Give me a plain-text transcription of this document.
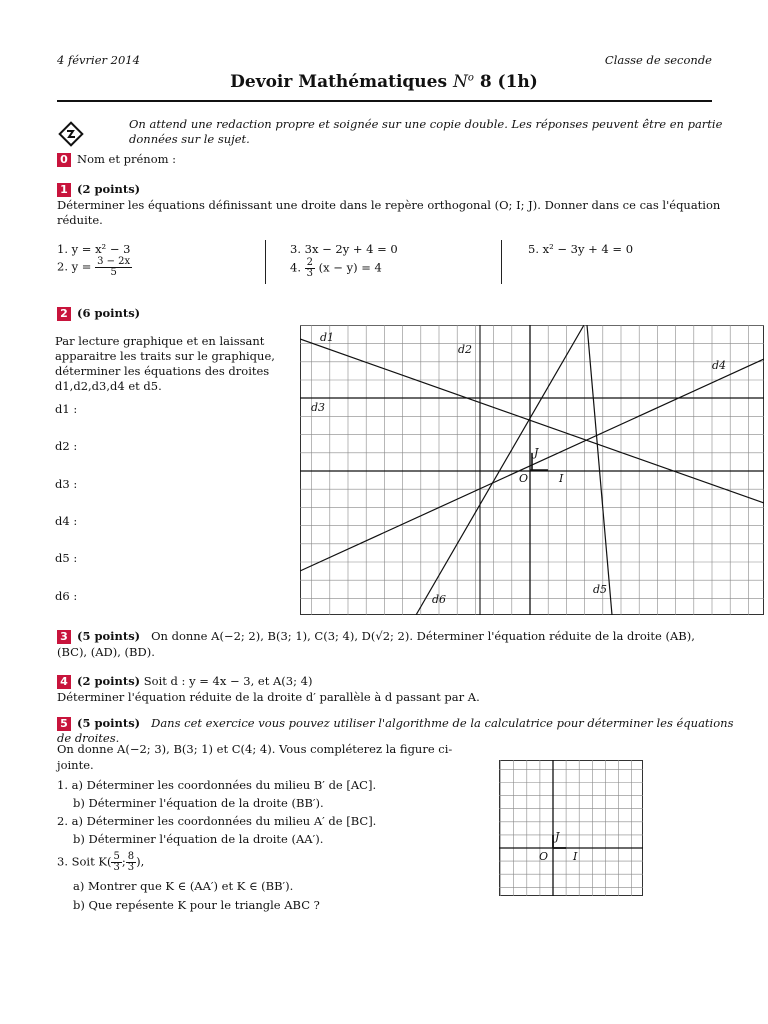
4 février 2014	Classe de seconde
Devoir Mathématiques $N^o$ 8 (1h)
On attend une redaction propre et soignée sur une copie double. Les réponses peuvent être en partie
données sur le sujet.
0 Nom et prénom :
1 (2 points)
Déterminer les équations définissant une droite dans le repère orthogonal (O; I; J). Donner dans ce cas l'équation
réduite.
1. y = x² − 3
2. $y = \frac{3 - 2x}{5}$
3. 3x − 2y + 4 = 0
4. $\frac{2}{3} (x - y) = 4$
5. x² − 3y + 4 = 0
2 (6 points)
Par lecture graphique et en laissant
apparaitre les traits sur le graphique,
déterminer les équations des droites
d1,d2,d3,d4 et d5.
d1 :
d2 :
d3 :
d4 :
d5 :
d6 :
d1
d2
d3
d4
d5
d6
O	I
J
3 (5 points) On donne A(−2; 2), B(3; 1), C(3; 4), D(√2; 2). Déterminer l'équation réduite de la droite (AB),
(BC), (AD), (BD).
4 (2 points) Soit d : y = 4x − 3, et A(3; 4)
Déterminer l'équation réduite de la droite d′ parallèle à d passant par A.
5 (5 points) Dans cet exercice vous pouvez utiliser l'algorithme de la calculatrice pour déterminer les équations
de droites.
On donne A(−2; 3), B(3; 1) et C(4; 4). Vous compléterez la figure ci-
jointe.
1. a) Déterminer les coordonnées du milieu B′ de [AC].
b) Déterminer l'équation de la droite (BB′).
2. a) Déterminer les coordonnées du milieu A′ de [BC].
b) Déterminer l'équation de la droite (AA′).
3. Soit $K( \frac{5}{3}$ ; $\frac{8}{3}$ ),
a) Montrer que K ∈ (AA′) et K ∈ (BB′).
b) Que repésente K pour le triangle ABC ?
O I
J
